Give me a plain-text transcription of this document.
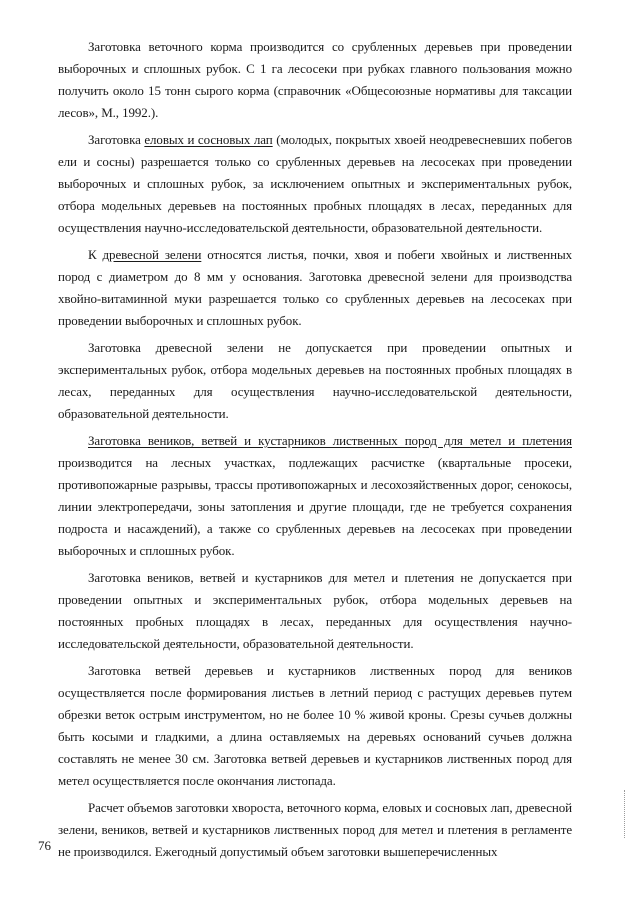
Заготовка веточного корма производится со срубленных деревьев при проведении выборочных и сплошных рубок. С 1 га лесосеки при рубках главного пользования можно получить около 15 тонн сырого корма (справочник «Общесоюзные нормативы для таксации лесов», М., 1992.).

Заготовка еловых и сосновых лап (молодых, покрытых хвоей неодревесневших побегов ели и сосны) разрешается только со срубленных деревьев на лесосеках при проведении выборочных и сплошных рубок, за исключением опытных и экспериментальных рубок, отбора модельных деревьев на постоянных пробных площадях в лесах, переданных для осуществления научно-исследовательской деятельности, образовательной деятельности.

К древесной зелени относятся листья, почки, хвоя и побеги хвойных и лиственных пород с диаметром до 8 мм у основания. Заготовка древесной зелени для производства хвойно-витаминной муки разрешается только со срубленных деревьев на лесосеках при проведении выборочных и сплошных рубок.

Заготовка древесной зелени не допускается при проведении опытных и экспериментальных рубок, отбора модельных деревьев на постоянных пробных площадях в лесах, переданных для осуществления научно-исследовательской деятельности, образовательной деятельности.

Заготовка веников, ветвей и кустарников лиственных пород для метел и плетения производится на лесных участках, подлежащих расчистке (квартальные просеки, противопожарные разрывы, трассы противопожарных и лесохозяйственных дорог, сенокосы, линии электропередачи, зоны затопления и другие площади, где не требуется сохранения подроста и насаждений), а также со срубленных деревьев на лесосеках при проведении выборочных и сплошных рубок.

Заготовка веников, ветвей и кустарников для метел и плетения не допускается при проведении опытных и экспериментальных рубок, отбора модельных деревьев на постоянных пробных площадях в лесах, переданных для осуществления научно-исследовательской деятельности, образовательной деятельности.

Заготовка ветвей деревьев и кустарников лиственных пород для веников осуществляется после формирования листьев в летний период с растущих деревьев путем обрезки веток острым инструментом, но не более 10 % живой кроны. Срезы сучьев должны быть косыми и гладкими, а длина оставляемых на деревьях оснований сучьев должна составлять не менее 30 см. Заготовка ветвей деревьев и кустарников лиственных пород для метел осуществляется после окончания листопада.

Расчет объемов заготовки хвороста, веточного корма, еловых и сосновых лап, древесной зелени, веников, ветвей и кустарников лиственных пород для метел и плетения в регламенте не производился. Ежегодный допустимый объем заготовки вышеперечисленных

76
